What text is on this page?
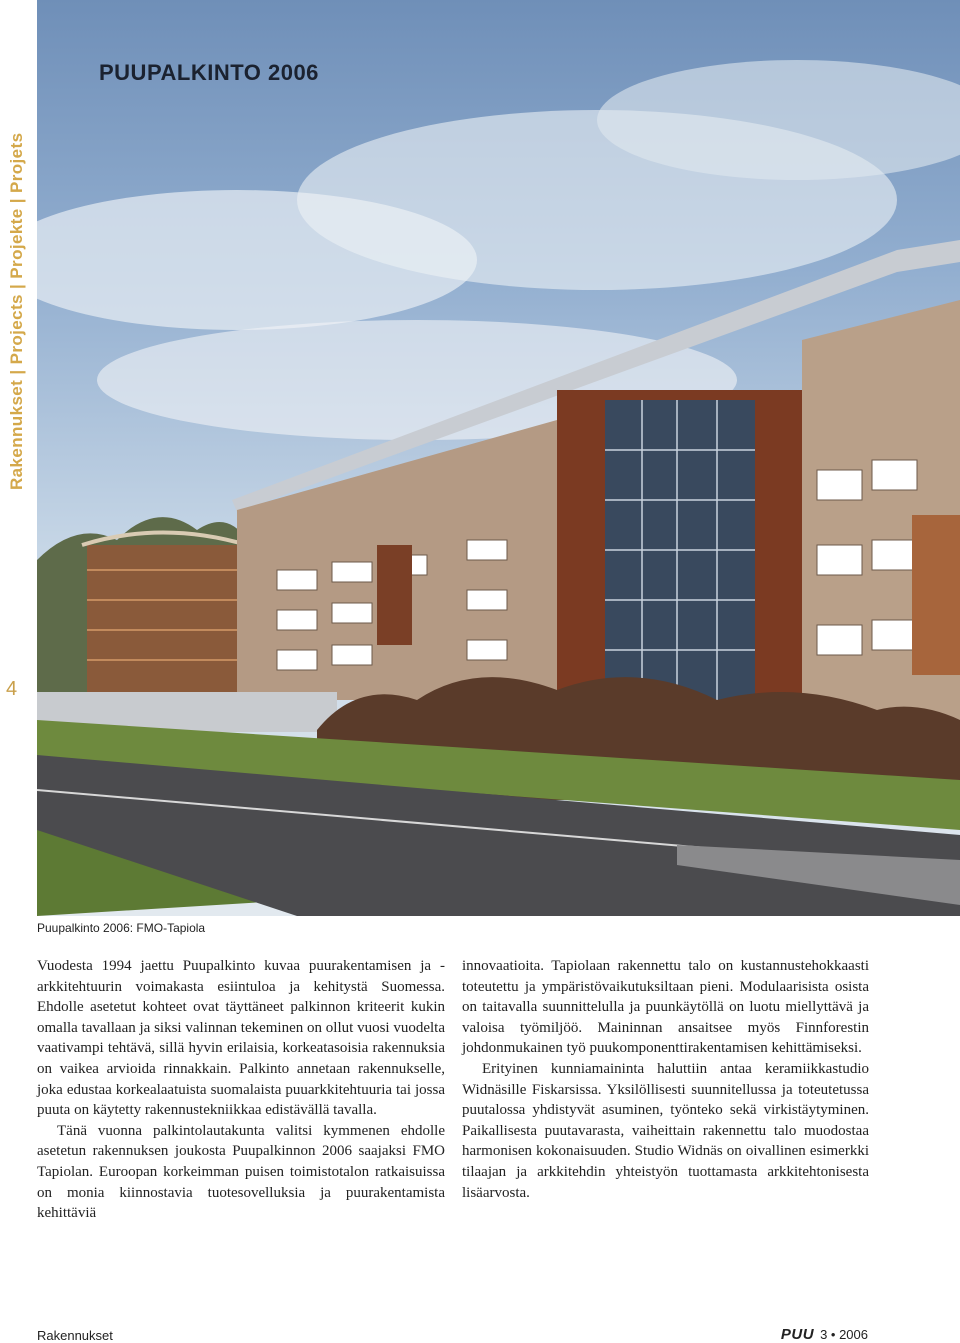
Rakennukset | Projects | Projekte | Projets
4
PUUPALKINTO 2006
Puupalkinto 2006: FMO-Tapiola

Vuodesta 1994 jaettu Puupalkinto kuvaa puurakentamisen ja -arkkitehtuurin voimakasta esiintuloa ja kehitystä Suomessa. Ehdolle asetetut kohteet ovat täyttäneet palkinnon kriteerit kukin omalla tavallaan ja siksi valinnan tekeminen on ollut vuosi vuodelta vaativampi tehtävä, sillä hyvin erilaisia, korkeatasoisia rakennuksia on vaikea arvioida rinnakkain. Palkinto annetaan rakennukselle, joka edustaa korkealaatuista suomalaista puuarkkitehtuuria tai jossa puuta on käytetty rakennustekniikkaa edistävällä tavalla.

Tänä vuonna palkintolautakunta valitsi kymmenen ehdolle asetetun rakennuksen joukosta Puupalkinnon 2006 saajaksi FMO Tapiolan. Euroopan korkeimman puisen toimistotalon ratkaisuissa on monia kiinnostavia tuotesovelluksia ja puurakentamista kehittäviä

innovaatioita. Tapiolaan rakennettu talo on kustannustehokkaasti toteutettu ja ympäristövaikutuksiltaan pieni. Modulaarisista osista on taitavalla suunnittelulla ja puunkäytöllä on luotu miellyttävä ja valoisa työmiljöö. Maininnan ansaitsee myös Finnforestin johdonmukainen työ puukomponenttirakentamisen kehittämiseksi.

Erityinen kunniamaininta haluttiin antaa keramiikkastudio Widnäsille Fiskarsissa. Yksilöllisesti suunnitellussa ja toteutetussa puutalossa yhdistyvät asuminen, työnteko sekä virkistäytyminen. Paikallisesta puutavarasta, vaiheittain rakennettu talo muodostaa harmonisen kokonaisuuden. Studio Widnäs on oivallinen esimerkki tilaajan ja arkkitehdin yhteistyön tuottamasta arkkitehtonisesta lisäarvosta.

Rakennukset	PUU 3 • 2006
